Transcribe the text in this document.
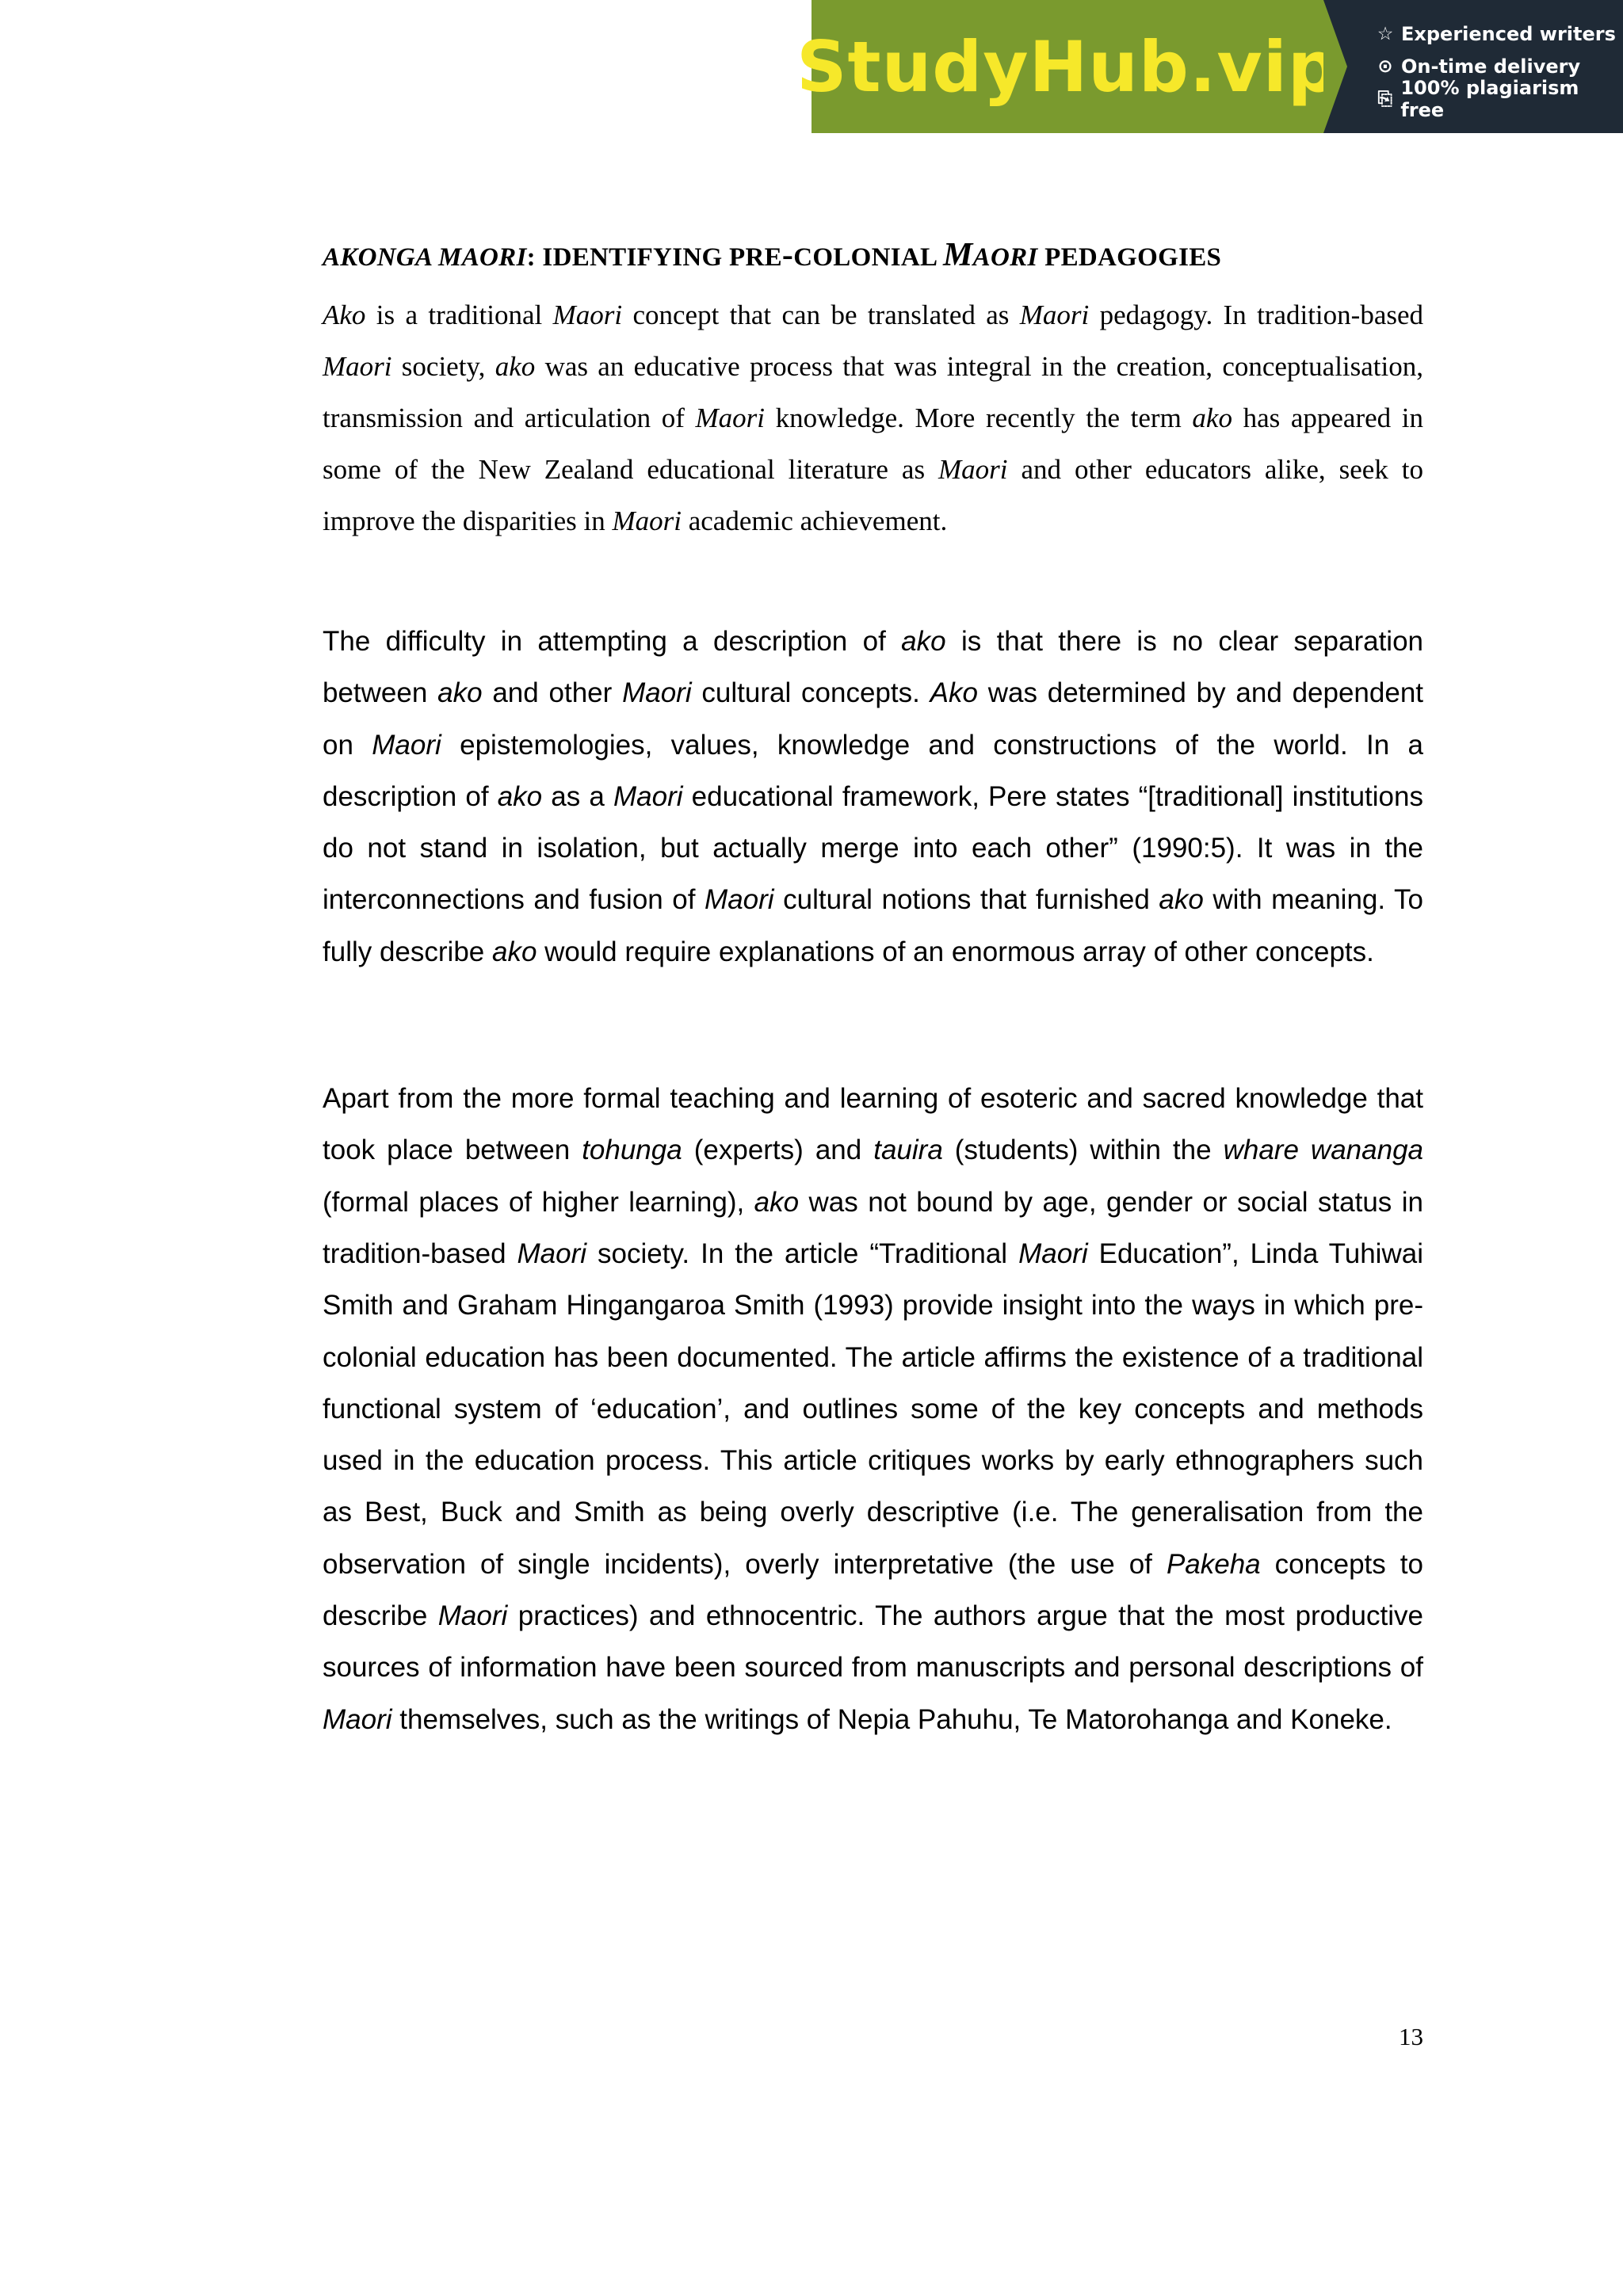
StudyHub.vip ☆ Experienced writers
⊙ On-time delivery
⎘ 100% plagiarism free
AKONGA MAORI: IDENTIFYING PRE-COLONIAL MAORI PEDAGOGIES

Ako is a traditional Maori concept that can be translated as Maori pedagogy. In tradition-based Maori society, ako was an educative process that was integral in the creation, conceptualisation, transmission and articulation of Maori knowledge. More recently the term ako has appeared in some of the New Zealand educational literature as Maori and other educators alike, seek to improve the disparities in Maori academic achievement.

The difficulty in attempting a description of ako is that there is no clear separation between ako and other Maori cultural concepts. Ako was determined by and dependent on Maori epistemologies, values, knowledge and constructions of the world. In a description of ako as a Maori educational framework, Pere states “[traditional] institutions do not stand in isolation, but actually merge into each other” (1990:5). It was in the interconnections and fusion of Maori cultural notions that furnished ako with meaning. To fully describe ako would require explanations of an enormous array of other concepts.

Apart from the more formal teaching and learning of esoteric and sacred knowledge that took place between tohunga (experts) and tauira (students) within the whare wananga (formal places of higher learning), ako was not bound by age, gender or social status in tradition-based Maori society. In the article “Traditional Maori Education”, Linda Tuhiwai Smith and Graham Hingangaroa Smith (1993) provide insight into the ways in which pre-colonial education has been documented. The article affirms the existence of a traditional functional system of ‘education’, and outlines some of the key concepts and methods used in the education process. This article critiques works by early ethnographers such as Best, Buck and Smith as being overly descriptive (i.e. The generalisation from the observation of single incidents), overly interpretative (the use of Pakeha concepts to describe Maori practices) and ethnocentric. The authors argue that the most productive sources of information have been sourced from manuscripts and personal descriptions of Maori themselves, such as the writings of Nepia Pahuhu, Te Matorohanga and Koneke.

13
